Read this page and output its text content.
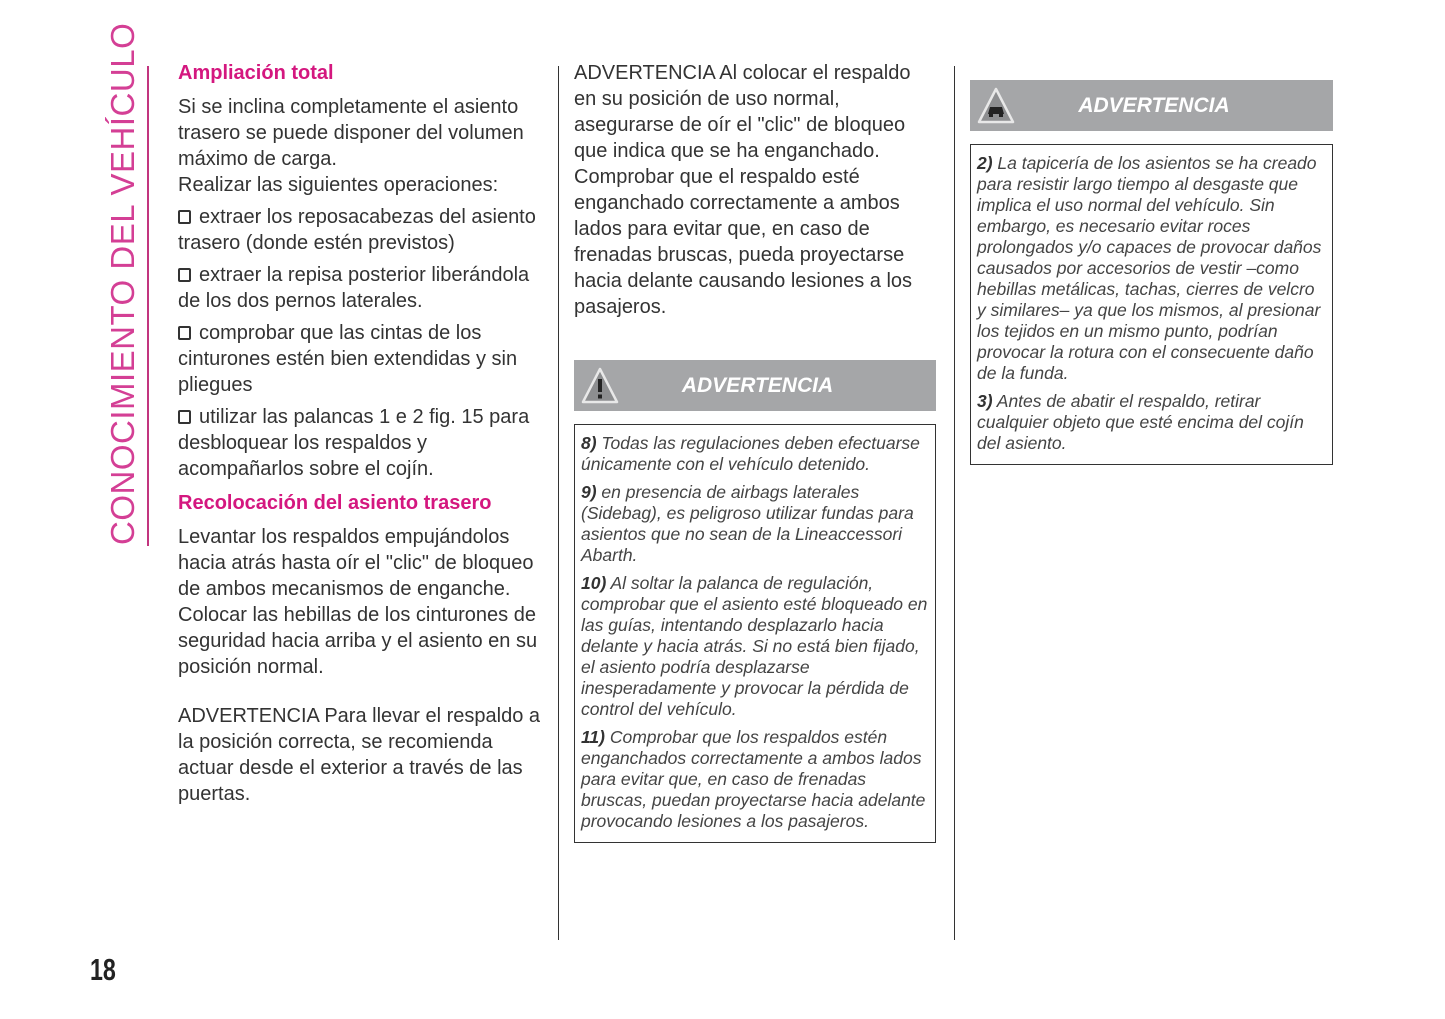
CONOCIMIENTO DEL VEHÍCULO Ampliación total

Si se inclina completamente el asiento trasero se puede disponer del volumen máximo de carga.

Realizar las siguientes operaciones:

extraer los reposacabezas del asiento trasero (donde estén previstos)

extraer la repisa posterior liberándola de los dos pernos laterales.

comprobar que las cintas de los cinturones estén bien extendidas y sin pliegues

utilizar las palancas 1 e 2 fig. 15 para desbloquear los respaldos y acompañarlos sobre el cojín.

Recolocación del asiento trasero

Levantar los respaldos empujándolos hacia atrás hasta oír el "clic" de bloqueo de ambos mecanismos de enganche.

Colocar las hebillas de los cinturones de seguridad hacia arriba y el asiento en su posición normal.

ADVERTENCIA Para llevar el respaldo a la posición correcta, se recomienda actuar desde el exterior a través de las puertas.

ADVERTENCIA Al colocar el respaldo en su posición de uso normal, asegurarse de oír el "clic" de bloqueo que indica que se ha enganchado. Comprobar que el respaldo esté enganchado correctamente a ambos lados para evitar que, en caso de frenadas bruscas, pueda proyectarse hacia delante causando lesiones a los pasajeros.

ADVERTENCIA

8) Todas las regulaciones deben efectuarse únicamente con el vehículo detenido.

9) en presencia de airbags laterales (Sidebag), es peligroso utilizar fundas para asientos que no sean de la Lineaccessori Abarth.

10) Al soltar la palanca de regulación, comprobar que el asiento esté bloqueado en las guías, intentando desplazarlo hacia delante y hacia atrás. Si no está bien fijado, el asiento podría desplazarse inesperadamente y provocar la pérdida de control del vehículo.

11) Comprobar que los respaldos estén enganchados correctamente a ambos lados para evitar que, en caso de frenadas bruscas, puedan proyectarse hacia adelante provocando lesiones a los pasajeros.

ADVERTENCIA

2) La tapicería de los asientos se ha creado para resistir largo tiempo al desgaste que implica el uso normal del vehículo. Sin embargo, es necesario evitar roces prolongados y/o capaces de provocar daños causados por accesorios de vestir –como hebillas metálicas, tachas, cierres de velcro y similares– ya que los mismos, al presionar los tejidos en un mismo punto, podrían provocar la rotura con el consecuente daño de la funda.

3) Antes de abatir el respaldo, retirar cualquier objeto que esté encima del cojín del asiento.

18
